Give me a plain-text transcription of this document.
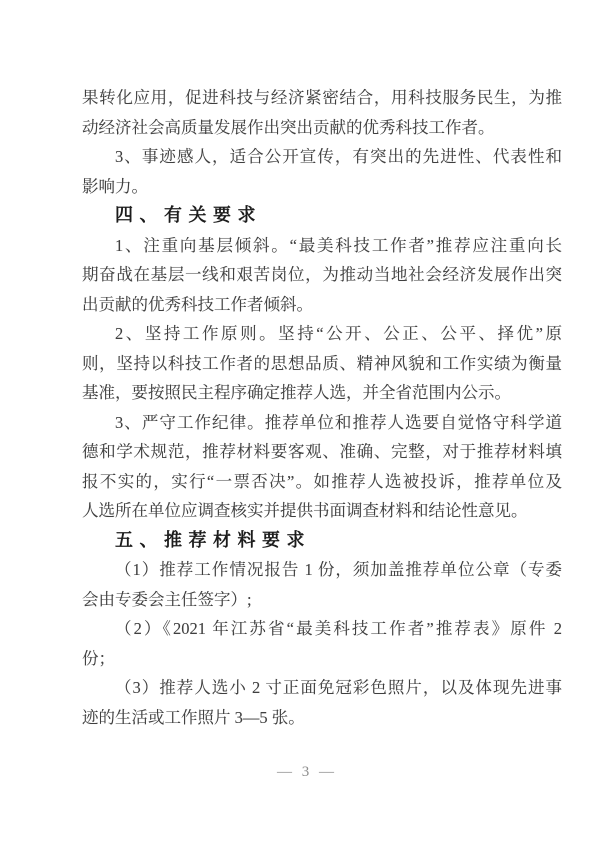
果转化应用，促进科技与经济紧密结合，用科技服务民生，为推
动经济社会高质量发展作出突出贡献的优秀科技工作者。
3、事迹感人，适合公开宣传，有突出的先进性、代表性和
影响力。
四、有关要求
1、注重向基层倾斜。“最美科技工作者”推荐应注重向长
期奋战在基层一线和艰苦岗位，为推动当地社会经济发展作出突
出贡献的优秀科技工作者倾斜。
2、坚持工作原则。坚持“公开、公正、公平、择优”原
则，坚持以科技工作者的思想品质、精神风貌和工作实绩为衡量
基准，要按照民主程序确定推荐人选，并全省范围内公示。
3、严守工作纪律。推荐单位和推荐人选要自觉恪守科学道
德和学术规范，推荐材料要客观、准确、完整，对于推荐材料填
报不实的，实行“一票否决”。如推荐人选被投诉，推荐单位及
人选所在单位应调查核实并提供书面调查材料和结论性意见。
五、推荐材料要求
（1）推荐工作情况报告 1 份，须加盖推荐单位公章（专委
会由专委会主任签字）;
（2）《2021 年江苏省“最美科技工作者”推荐表》原件 2
份；
（3）推荐人选小 2 寸正面免冠彩色照片，以及体现先进事
迹的生活或工作照片 3—5 张。
— 3 —
